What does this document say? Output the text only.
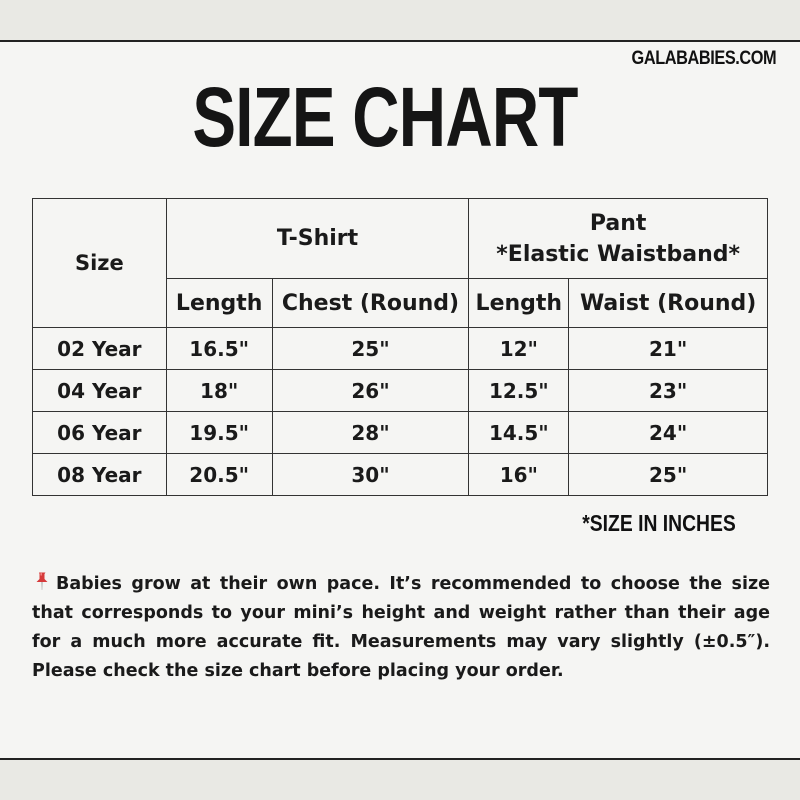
GALABABIES.COM
SIZE CHART
Size	T-Shirt		Pant
*Elastic Waistband*	

	Length	Chest (Round)	Length	Waist (Round)
02 Year	16.5"	25"	12"	21"
04 Year	18"	26"	12.5"	23"
06 Year	19.5"	28"	14.5"	24"
08 Year	20.5"	30"	16"	25"
*SIZE IN INCHES
Babies grow at their own pace. It’s recommended to choose the size that corresponds to your mini’s height and weight rather than their age for a much more accurate fit. Measurements may vary slightly (±0.5″). Please check the size chart before placing your order.
